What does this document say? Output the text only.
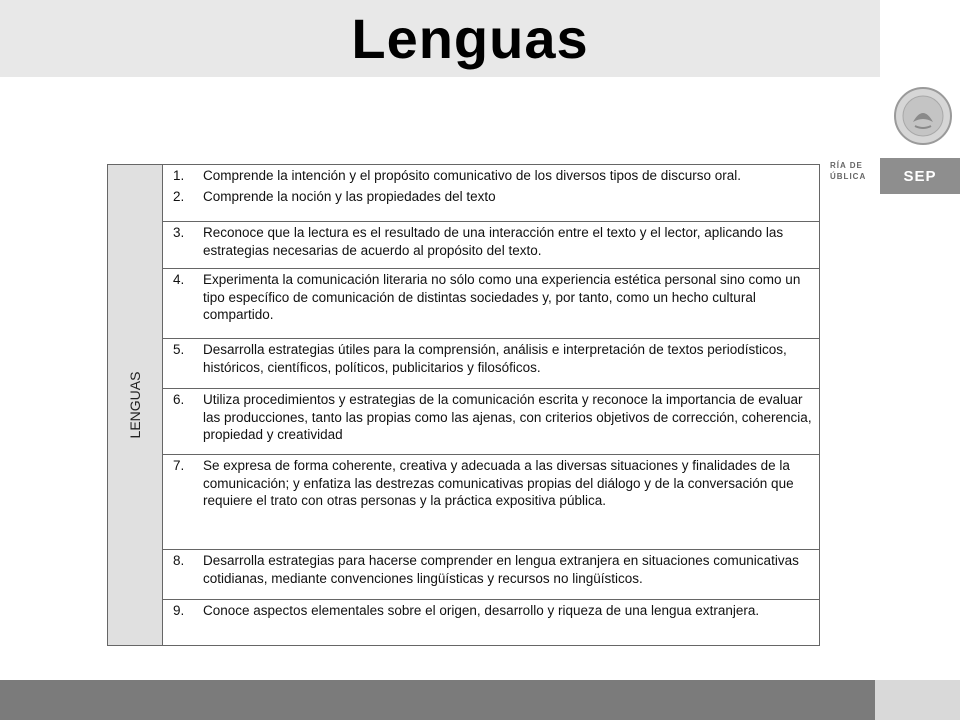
Lenguas
RÍA DE
ÚBLICA	SEP
LENGUAS
1.	Comprende la intención y el propósito comunicativo de los diversos tipos de discurso oral.
2.	Comprende la noción y las propiedades del texto
3.	Reconoce que la lectura es el resultado de una interacción entre el texto y el lector, aplicando las estrategias necesarias de acuerdo al propósito del texto.
4.	Experimenta la comunicación literaria no sólo como una experiencia estética personal sino como un tipo específico de comunicación de distintas sociedades y, por tanto, como un hecho cultural compartido.
5.	Desarrolla estrategias útiles para la comprensión, análisis e interpretación de textos periodísticos, históricos, científicos, políticos, publicitarios y filosóficos.
6.	Utiliza procedimientos y estrategias de la comunicación escrita y reconoce la importancia de evaluar las producciones, tanto las propias como las ajenas, con criterios objetivos de corrección, coherencia, propiedad y creatividad
7.	Se expresa de forma coherente, creativa y adecuada a las diversas situaciones y finalidades de la comunicación; y enfatiza las destrezas comunicativas propias del diálogo y de la conversación que requiere el trato con otras personas y la práctica expositiva pública.
8.	Desarrolla estrategias para hacerse comprender en lengua extranjera en situaciones comunicativas cotidianas, mediante convenciones lingüísticas y recursos no lingüísticos.
9.	Conoce aspectos elementales sobre el origen, desarrollo y riqueza de una lengua extranjera.
